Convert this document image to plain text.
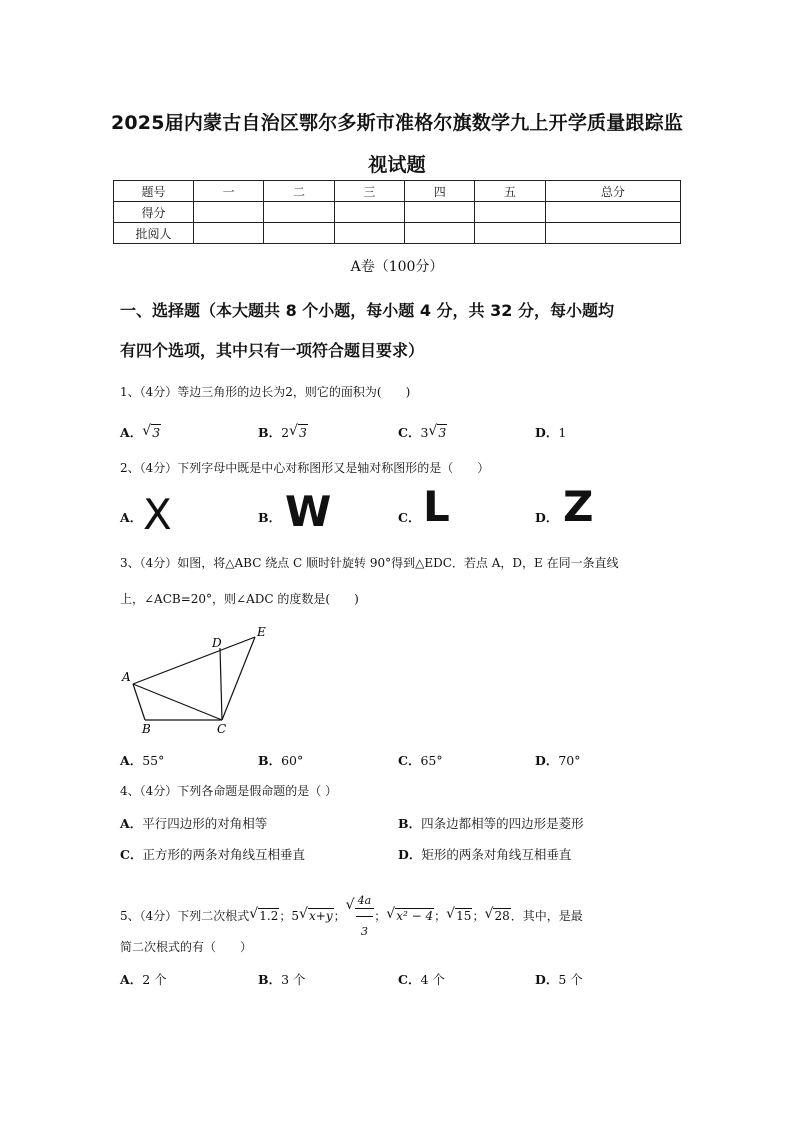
2025届内蒙古自治区鄂尔多斯市准格尔旗数学九上开学质量跟踪监
视试题
题号	一	二	三	四	五	总分
得分						
批阅人						
A卷（100分）
一、选择题（本大题共 8 个小题，每小题 4 分，共 32 分，每小题均
有四个选项，其中只有一项符合题目要求）
1、（4分）等边三角形的边长为2，则它的面积为(　　)
A． √ 3	B．2 √ 3	C．3 √ 3	D．1
2、（4分）下列字母中既是中心对称图形又是轴对称图形的是（　　）
A． X	B． W	C． L	D． Z
3、（4分）如图，将△ABC 绕点 C 顺时针旋转 90°得到△EDC．若点 A，D，E 在同一条直线
上，∠ACB=20°，则∠ADC 的度数是(　　)
A
B	C
D
E
A．55°	B．60°	C．65°	D．70°
4、（4分）下列各命题是假命题的是（ ）
A．平行四边形的对角相等	B．四条边都相等的四边形是菱形
C．正方形的两条对角线互相垂直	D．矩形的两条对角线互相垂直
5、（4分）下列二次根式 √ 1.2；5 √ x+y；
√ $\frac{4a}{3}$ ； √ x² − 4； √ 15； √ 28．其中，是最
简二次根式的有（　　）
A．2 个	B．3 个	C．4 个	D．5 个
